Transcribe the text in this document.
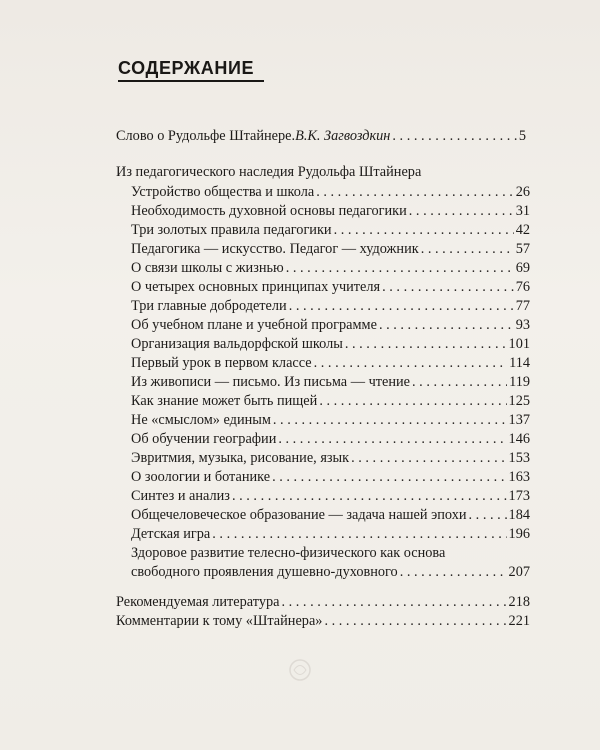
СОДЕРЖАНИЕ
Слово о Рудольфе Штайнере. В.К. Загвоздкин . . .	5
Из педагогического наследия Рудольфа Штайнера
Устройство общества и школа . . .	26
Необходимость духовной основы педагогики . . .	31
Три золотых правила педагогики . . .	42
Педагогика — искусство. Педагог — художник . . .	57
О связи школы с жизнью . . .	69
О четырех основных принципах учителя . . .	76
Три главные добродетели . . .	77
Об учебном плане и учебной программе . . .	93
Организация вальдорфской школы . . .	101
Первый урок в первом классе . . .	114
Из живописи — письмо. Из письма — чтение . . .	119
Как знание может быть пищей . . .	125
Не «смыслом» единым . . .	137
Об обучении географии . . .	146
Эвритмия, музыка, рисование, язык . . .	153
О зоологии и ботанике . . .	163
Синтез и анализ . . .	173
Общечеловеческое образование — задача нашей эпохи . . .	184
Детская игра . . .	196
Здоровое развитие телесно-физического как основа
свободного проявления душевно-духовного . . .	207
Рекомендуемая литература . . .	218
Комментарии к тому «Штайнера» . . .	221
